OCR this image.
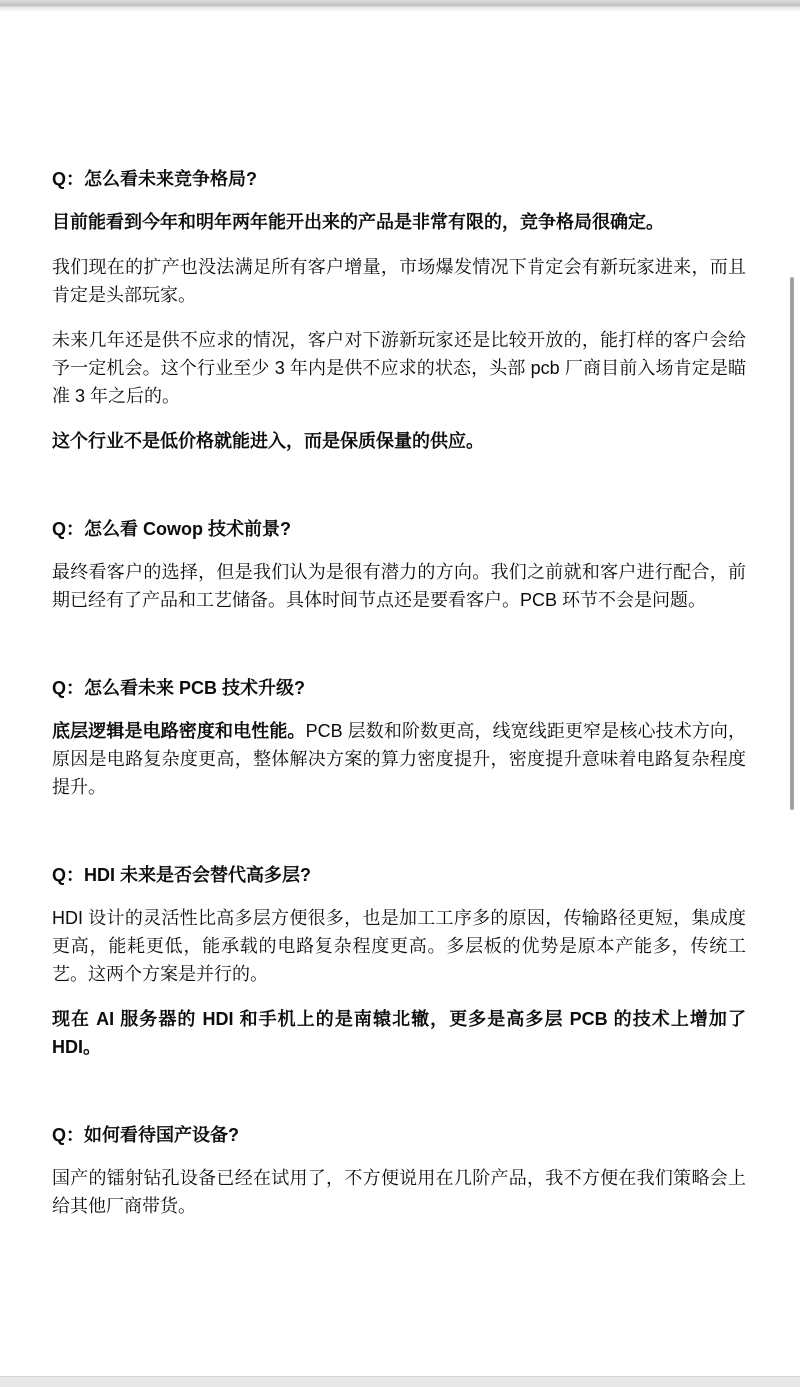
Q：怎么看未来竞争格局?

目前能看到今年和明年两年能开出来的产品是非常有限的，竞争格局很确定。

我们现在的扩产也没法满足所有客户增量，市场爆发情况下肯定会有新玩家进来，而且肯定是头部玩家。

未来几年还是供不应求的情况，客户对下游新玩家还是比较开放的，能打样的客户会给予一定机会。这个行业至少 3 年内是供不应求的状态，头部 pcb 厂商目前入场肯定是瞄准 3 年之后的。

这个行业不是低价格就能进入，而是保质保量的供应。

Q：怎么看 Cowop 技术前景?

最终看客户的选择，但是我们认为是很有潜力的方向。我们之前就和客户进行配合，前期已经有了产品和工艺储备。具体时间节点还是要看客户。PCB 环节不会是问题。

Q：怎么看未来 PCB 技术升级?

底层逻辑是电路密度和电性能。PCB 层数和阶数更高，线宽线距更窄是核心技术方向，原因是电路复杂度更高，整体解决方案的算力密度提升，密度提升意味着电路复杂程度提升。

Q：HDI 未来是否会替代高多层?

HDI 设计的灵活性比高多层方便很多，也是加工工序多的原因，传输路径更短，集成度更高，能耗更低，能承载的电路复杂程度更高。多层板的优势是原本产能多，传统工艺。这两个方案是并行的。

现在 AI 服务器的 HDI 和手机上的是南辕北辙，更多是高多层 PCB 的技术上增加了 HDI。

Q：如何看待国产设备?

国产的镭射钻孔设备已经在试用了，不方便说用在几阶产品，我不方便在我们策略会上给其他厂商带货。
